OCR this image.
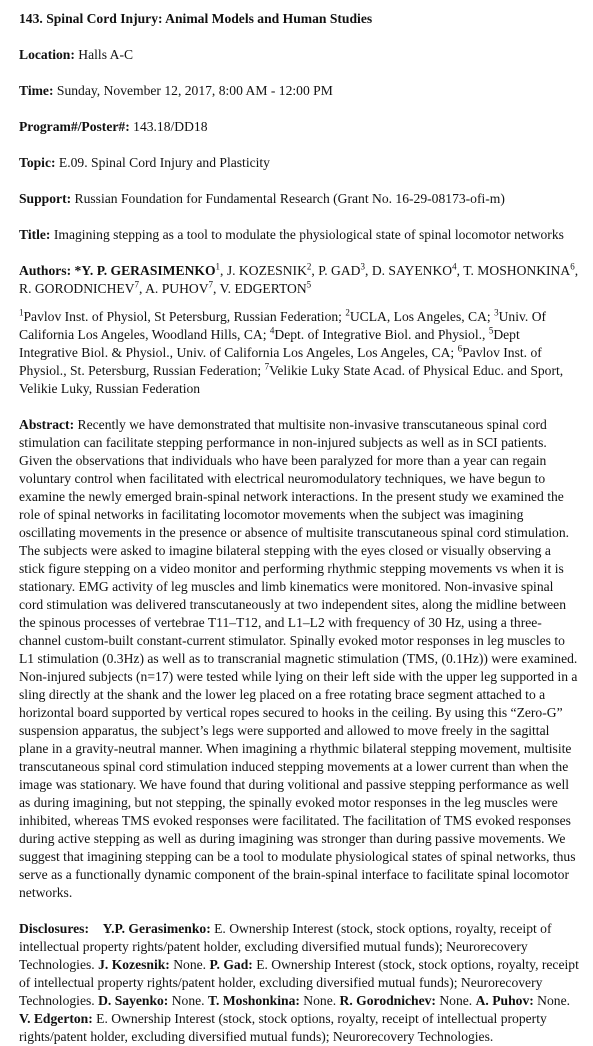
143. Spinal Cord Injury: Animal Models and Human Studies
Location: Halls A-C
Time: Sunday, November 12, 2017, 8:00 AM - 12:00 PM
Program#/Poster#: 143.18/DD18
Topic: E.09. Spinal Cord Injury and Plasticity
Support: Russian Foundation for Fundamental Research (Grant No. 16-29-08173-ofi-m)
Title: Imagining stepping as a tool to modulate the physiological state of spinal locomotor networks
Authors: *Y. P. GERASIMENKO$^1$, J. KOZESNIK$^2$, P. GAD$^3$, D. SAYENKO$^4$, T. MOSHONKINA$^6$, R. GORODNICHEV$^7$, A. PUHOV$^7$, V. EDGERTON$^5$
$^1$Pavlov Inst. of Physiol, St Petersburg, Russian Federation; $^2$UCLA, Los Angeles, CA; $^3$Univ. Of California Los Angeles, Woodland Hills, CA; $^4$Dept. of Integrative Biol. and Physiol., $^5$Dept Integrative Biol. & Physiol., Univ. of California Los Angeles, Los Angeles, CA; $^6$Pavlov Inst. of Physiol., St. Petersburg, Russian Federation; $^7$Velikie Luky State Acad. of Physical Educ. and Sport, Velikie Luky, Russian Federation
Abstract: Recently we have demonstrated that multisite non-invasive transcutaneous spinal cord stimulation can facilitate stepping performance in non-injured subjects as well as in SCI patients. Given the observations that individuals who have been paralyzed for more than a year can regain voluntary control when facilitated with electrical neuromodulatory techniques, we have begun to examine the newly emerged brain-spinal network interactions. In the present study we examined the role of spinal networks in facilitating locomotor movements when the subject was imagining oscillating movements in the presence or absence of multisite transcutaneous spinal cord stimulation. The subjects were asked to imagine bilateral stepping with the eyes closed or visually observing a stick figure stepping on a video monitor and performing rhythmic stepping movements vs when it is stationary. EMG activity of leg muscles and limb kinematics were monitored. Non-invasive spinal cord stimulation was delivered transcutaneously at two independent sites, along the midline between the spinous processes of vertebrae T11–T12, and L1–L2 with frequency of 30 Hz, using a three-channel custom-built constant-current stimulator. Spinally evoked motor responses in leg muscles to L1 stimulation (0.3Hz) as well as to transcranial magnetic stimulation (TMS, (0.1Hz)) were examined. Non-injured subjects (n=17) were tested while lying on their left side with the upper leg supported in a sling directly at the shank and the lower leg placed on a free rotating brace segment attached to a horizontal board supported by vertical ropes secured to hooks in the ceiling. By using this “Zero-G” suspension apparatus, the subject’s legs were supported and allowed to move freely in the sagittal plane in a gravity-neutral manner. When imagining a rhythmic bilateral stepping movement, multisite transcutaneous spinal cord stimulation induced stepping movements at a lower current than when the image was stationary. We have found that during volitional and passive stepping performance as well as during imagining, but not stepping, the spinally evoked motor responses in the leg muscles were inhibited, whereas TMS evoked responses were facilitated. The facilitation of TMS evoked responses during active stepping as well as during imagining was stronger than during passive movements. We suggest that imagining stepping can be a tool to modulate physiological states of spinal networks, thus serve as a functionally dynamic component of the brain-spinal interface to facilitate spinal locomotor networks.
Disclosures: Y.P. Gerasimenko: E. Ownership Interest (stock, stock options, royalty, receipt of intellectual property rights/patent holder, excluding diversified mutual funds); Neurorecovery Technologies. J. Kozesnik: None. P. Gad: E. Ownership Interest (stock, stock options, royalty, receipt of intellectual property rights/patent holder, excluding diversified mutual funds); Neurorecovery Technologies. D. Sayenko: None. T. Moshonkina: None. R. Gorodnichev: None. A. Puhov: None. V. Edgerton: E. Ownership Interest (stock, stock options, royalty, receipt of intellectual property rights/patent holder, excluding diversified mutual funds); Neurorecovery Technologies.
